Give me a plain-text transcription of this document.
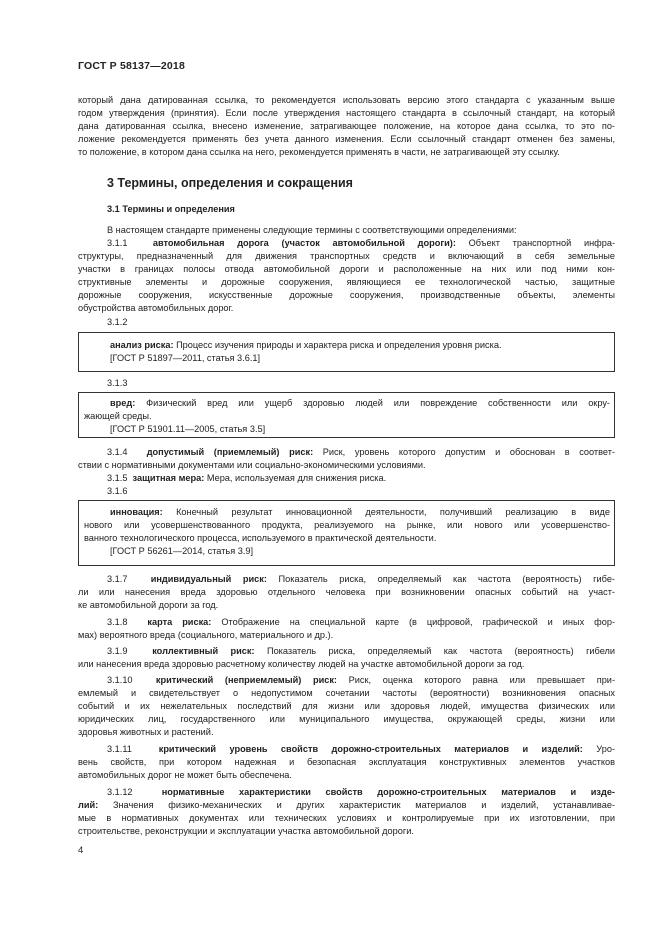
ГОСТ Р 58137—2018
который дана датированная ссылка, то рекомендуется использовать версию этого стандарта с указанным выше
годом утверждения (принятия). Если после утверждения настоящего стандарта в ссылочный стандарт, на который
дана датированная ссылка, внесено изменение, затрагивающее положение, на которое дана ссылка, то это по-
ложение рекомендуется применять без учета данного изменения. Если ссылочный стандарт отменен без замены,
то положение, в котором дана ссылка на него, рекомендуется применять в части, не затрагивающей эту ссылку.
3 Термины, определения и сокращения
3.1 Термины и определения
В настоящем стандарте применены следующие термины с соответствующими определениями:
3.1.1	автомобильная дорога (участок автомобильной дороги): Объект транспортной инфра-
структуры, предназначенный для движения транспортных средств и включающий в себя земельные
участки в границах полосы отвода автомобильной дороги и расположенные на них или под ними кон-
структивные элементы и дорожные сооружения, являющиеся ее технологической частью, защитные
дорожные сооружения, искусственные дорожные сооружения, производственные объекты, элементы
обустройства автомобильных дорог.
3.1.2
анализ риска: Процесс изучения природы и характера риска и определения уровня риска.
[ГОСТ Р 51897—2011, статья 3.6.1]
3.1.3
вред: Физический вред или ущерб здоровью людей или повреждение собственности или окру-
жающей среды.
[ГОСТ Р 51901.11—2005, статья 3.5]
3.1.4 допустимый (приемлемый) риск: Риск, уровень которого допустим и обоснован в соответ-
ствии с нормативными документами или социально-экономическими условиями.
3.1.5 защитная мера: Мера, используемая для снижения риска.
3.1.6
инновация: Конечный результат инновационной деятельности, получивший реализацию в виде
нового или усовершенствованного продукта, реализуемого на рынке, или нового или усовершенство-
ванного технологического процесса, используемого в практической деятельности.
[ГОСТ Р 56261—2014, статья 3.9]
3.1.7	индивидуальный риск: Показатель риска, определяемый как частота (вероятность) гибе-
ли или нанесения вреда здоровью отдельного человека при возникновении опасных событий на участ-
ке автомобильной дороги за год.
3.1.8 карта риска: Отображение на специальной карте (в цифровой, графической и иных фор-
мах) вероятного вреда (социального, материального и др.).
3.1.9	коллективный риск: Показатель риска, определяемый как частота (вероятность) гибели
или нанесения вреда здоровью расчетному количеству людей на участке автомобильной дороги за год.
3.1.10	критический (неприемлемый) риск: Риск, оценка которого равна или превышает при-
емлемый и свидетельствует о недопустимом сочетании частоты (вероятности) возникновения опасных
событий и их нежелательных последствий для жизни или здоровья людей, имущества физических или
юридических лиц, государственного или муниципального имущества, окружающей среды, жизни или
здоровья животных и растений.
3.1.11	критический уровень свойств дорожно-строительных материалов и изделий: Уро-
вень свойств, при котором надежная и безопасная эксплуатация конструктивных элементов участков
автомобильных дорог не может быть обеспечена.
3.1.12	нормативные характеристики свойств дорожно-строительных материалов и изде-
лий: Значения физико-механических и других характеристик материалов и изделий, устанавливае-
мые в нормативных документах или технических условиях и контролируемые при их изготовлении, при
строительстве, реконструкции и эксплуатации участка автомобильной дороги.
4
